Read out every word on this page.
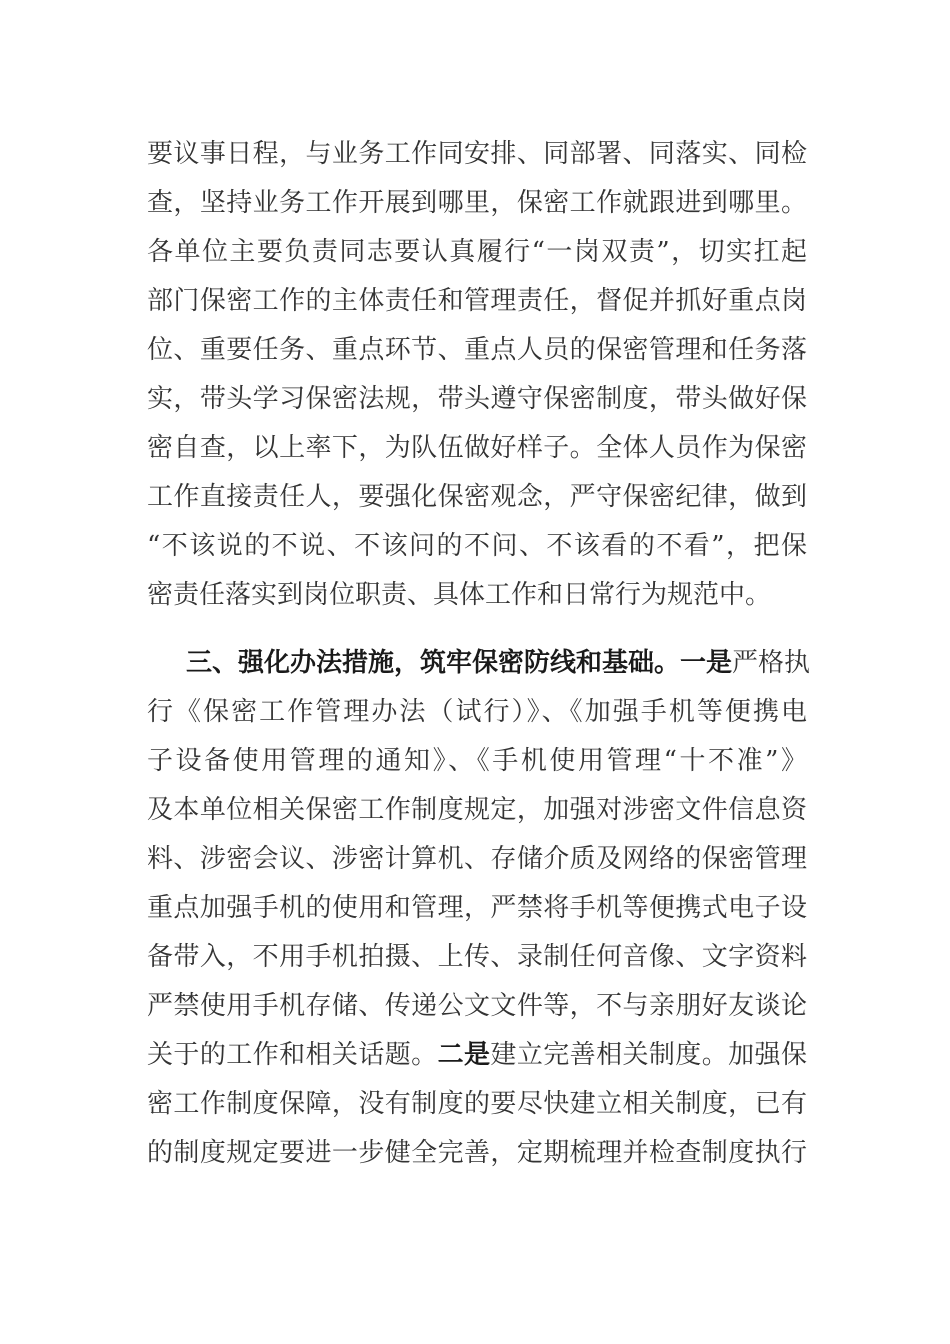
要议事日程，与业务工作同安排、同部署、同落实、同检
查，坚持业务工作开展到哪里，保密工作就跟进到哪里。
各单位主要负责同志要认真履行“一岗双责”，切实扛起
部门保密工作的主体责任和管理责任，督促并抓好重点岗
位、重要任务、重点环节、重点人员的保密管理和任务落
实，带头学习保密法规，带头遵守保密制度，带头做好保
密自查，以上率下，为队伍做好样子。全体人员作为保密
工作直接责任人，要强化保密观念，严守保密纪律，做到
“不该说的不说、不该问的不问、不该看的不看”，把保
密责任落实到岗位职责、具体工作和日常行为规范中。
三、强化办法措施，筑牢保密防线和基础。一是严格执
行《保密工作管理办法（试行）》、《加强手机等便携电
子设备使用管理的通知》、《手机使用管理“十不准”》
及本单位相关保密工作制度规定，加强对涉密文件信息资
料、涉密会议、涉密计算机、存储介质及网络的保密管理
重点加强手机的使用和管理，严禁将手机等便携式电子设
备带入，不用手机拍摄、上传、录制任何音像、文字资料
严禁使用手机存储、传递公文文件等，不与亲朋好友谈论
关于的工作和相关话题。二是建立完善相关制度。加强保
密工作制度保障，没有制度的要尽快建立相关制度，已有
的制度规定要进一步健全完善，定期梳理并检查制度执行
